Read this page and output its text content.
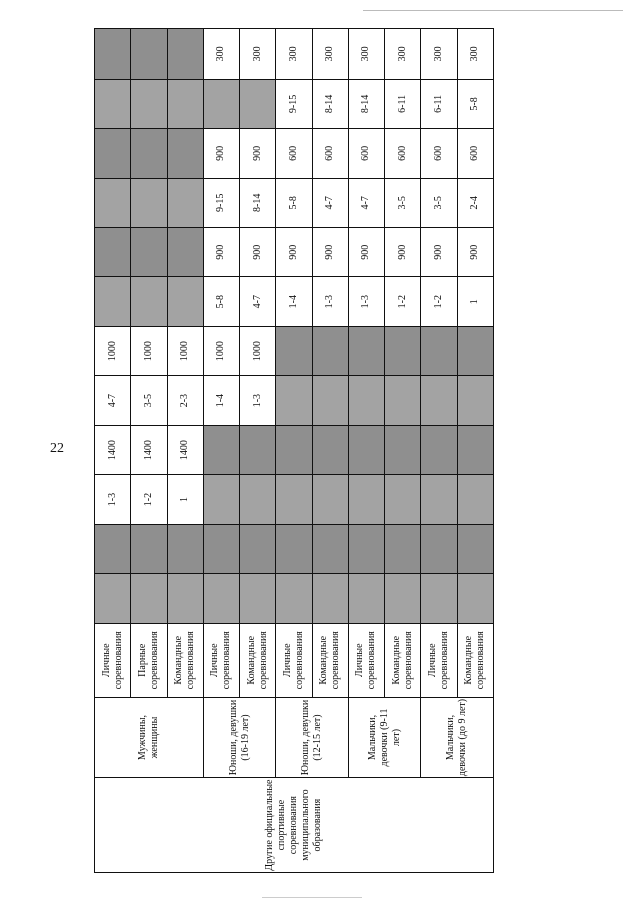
22
Другие официальные спортивные соревнования муниципального образования	Мужчины, женщины	Личные соревнования			1-3	1400	4-7	1000						
		Парные соревнования			1-2	1400	3-5	1000						
		Командные соревнования			1	1400	2-3	1000						
	Юноши, девушки (16-19 лет)	Личные соревнования					1-4	1000	5-8	900	9-15	900		300
		Командные соревнования					1-3	1000	4-7	900	8-14	900		300
	Юноши, девушки (12-15 лет)	Личные соревнования							1-4	900	5-8	600	9-15	300
		Командные соревнования							1-3	900	4-7	600	8-14	300
	Мальчики, девочки (9-11 лет)	Личные соревнования							1-3	900	4-7	600	8-14	300
		Командные соревнования							1-2	900	3-5	600	6-11	300
	Мальчики, девочки (до 9 лет)	Личные соревнования							1-2	900	3-5	600	6-11	300
		Командные соревнования							1	900	2-4	600	5-8	300
